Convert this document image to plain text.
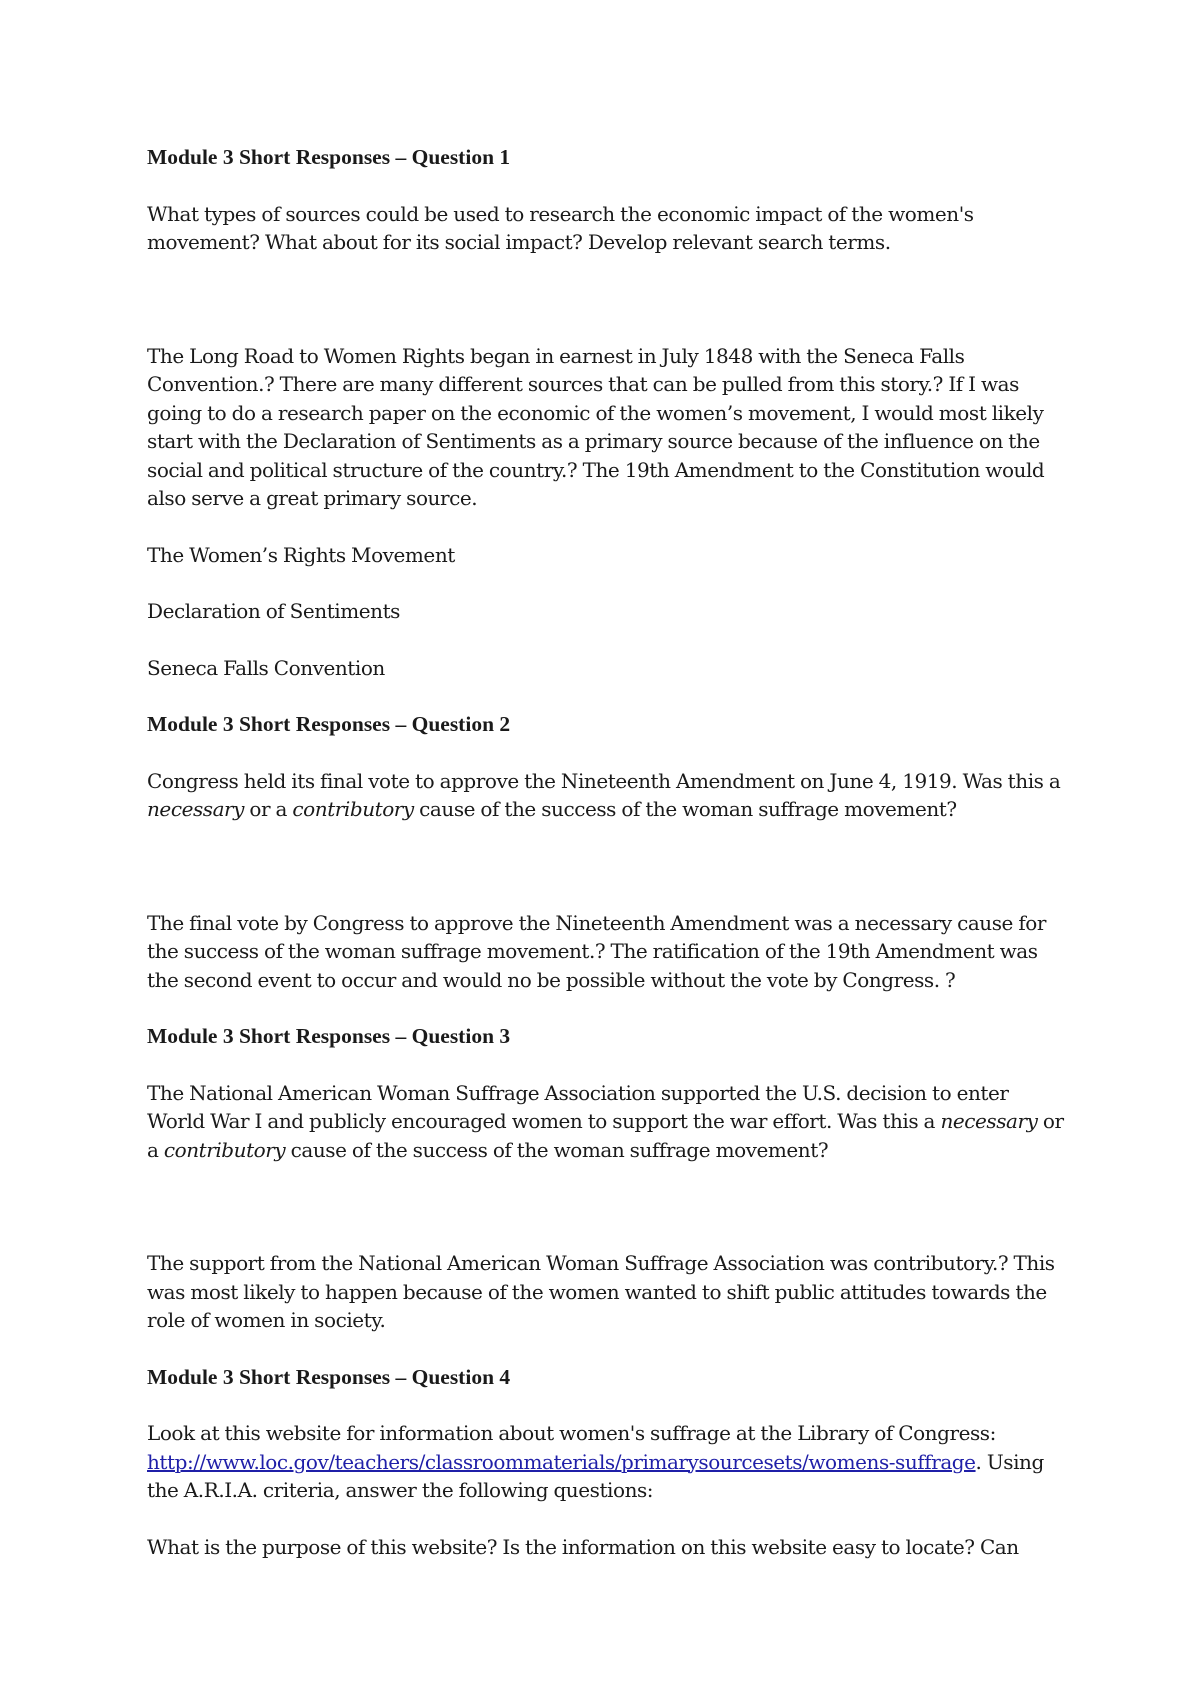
Module 3 Short Responses – Question 1

What types of sources could be used to research the economic impact of the women's movement? What about for its social impact? Develop relevant search terms.

The Long Road to Women Rights began in earnest in July 1848 with the Seneca Falls Convention.? There are many different sources that can be pulled from this story.? If I was going to do a research paper on the economic of the women’s movement, I would most likely start with the Declaration of Sentiments as a primary source because of the influence on the social and political structure of the country.? The 19th Amendment to the Constitution would also serve a great primary source.

The Women’s Rights Movement

Declaration of Sentiments

Seneca Falls Convention

Module 3 Short Responses – Question 2

Congress held its final vote to approve the Nineteenth Amendment on June 4, 1919. Was this a necessary or a contributory cause of the success of the woman suffrage movement?

The final vote by Congress to approve the Nineteenth Amendment was a necessary cause for the success of the woman suffrage movement.? The ratification of the 19th Amendment was the second event to occur and would no be possible without the vote by Congress. ?

Module 3 Short Responses – Question 3

The National American Woman Suffrage Association supported the U.S. decision to enter World War I and publicly encouraged women to support the war effort. Was this a necessary or a contributory cause of the success of the woman suffrage movement?

The support from the National American Woman Suffrage Association was contributory.? This was most likely to happen because of the women wanted to shift public attitudes towards the role of women in society.

Module 3 Short Responses – Question 4

Look at this website for information about women's suffrage at the Library of Congress: http://www.loc.gov/teachers/classroommaterials/primarysourcesets/womens-suffrage. Using the A.R.I.A. criteria, answer the following questions:

What is the purpose of this website? Is the information on this website easy to locate? Can
